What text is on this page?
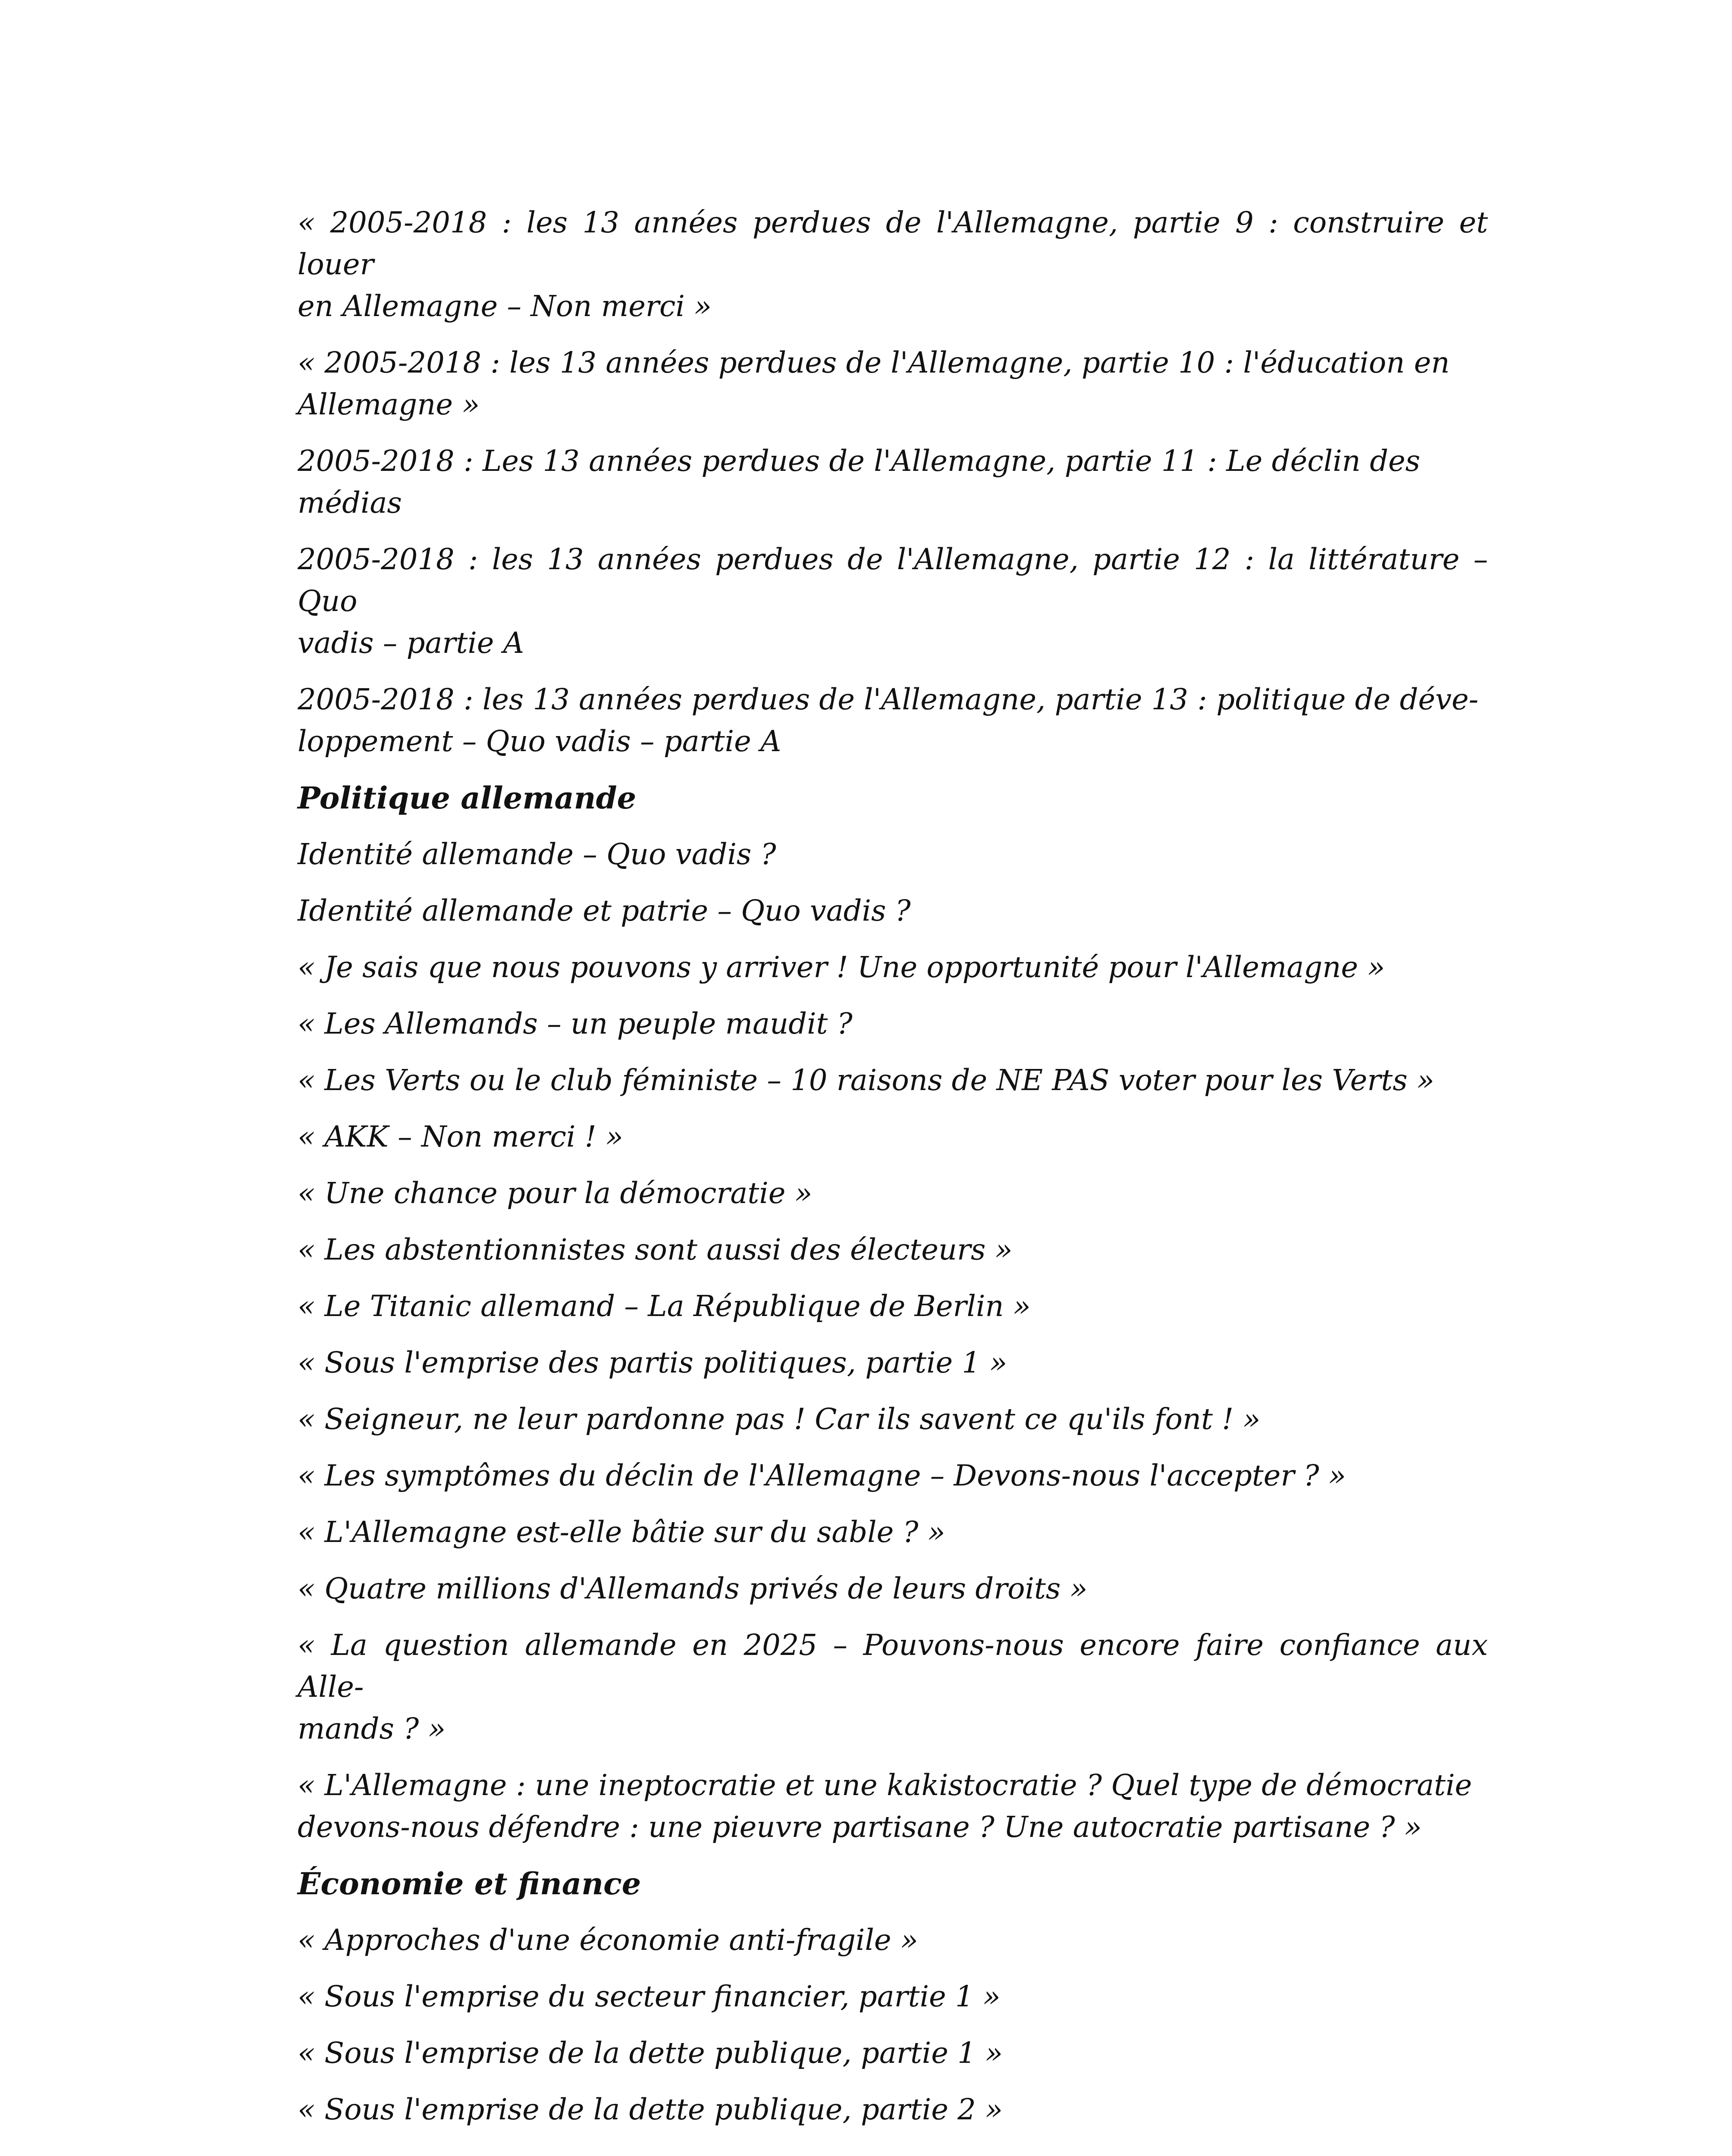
« 2005-2018 : les 13 années perdues de l'Allemagne, partie 9 : construire et louer
en Allemagne – Non merci »

« 2005-2018 : les 13 années perdues de l'Allemagne, partie 10 : l'éducation en
Allemagne »

2005-2018 : Les 13 années perdues de l'Allemagne, partie 11 : Le déclin des
médias

2005-2018 : les 13 années perdues de l'Allemagne, partie 12 : la littérature – Quo
vadis – partie A

2005-2018 : les 13 années perdues de l'Allemagne, partie 13 : politique de déve-
loppement – Quo vadis – partie A

Politique allemande

Identité allemande – Quo vadis ?

Identité allemande et patrie – Quo vadis ?

« Je sais que nous pouvons y arriver ! Une opportunité pour l'Allemagne »

« Les Allemands – un peuple maudit ?

« Les Verts ou le club féministe – 10 raisons de NE PAS voter pour les Verts »

« AKK – Non merci ! »

« Une chance pour la démocratie »

« Les abstentionnistes sont aussi des électeurs »

« Le Titanic allemand – La République de Berlin »

« Sous l'emprise des partis politiques, partie 1 »

« Seigneur, ne leur pardonne pas ! Car ils savent ce qu'ils font ! »

« Les symptômes du déclin de l'Allemagne – Devons-nous l'accepter ? »

« L'Allemagne est-elle bâtie sur du sable ? »

« Quatre millions d'Allemands privés de leurs droits »

« La question allemande en 2025 – Pouvons-nous encore faire confiance aux Alle-
mands ? »

« L'Allemagne : une ineptocratie et une kakistocratie ? Quel type de démocratie
devons-nous défendre : une pieuvre partisane ? Une autocratie partisane ? »

Économie et finance

« Approches d'une économie anti-fragile »

« Sous l'emprise du secteur financier, partie 1 »

« Sous l'emprise de la dette publique, partie 1 »

« Sous l'emprise de la dette publique, partie 2 »
